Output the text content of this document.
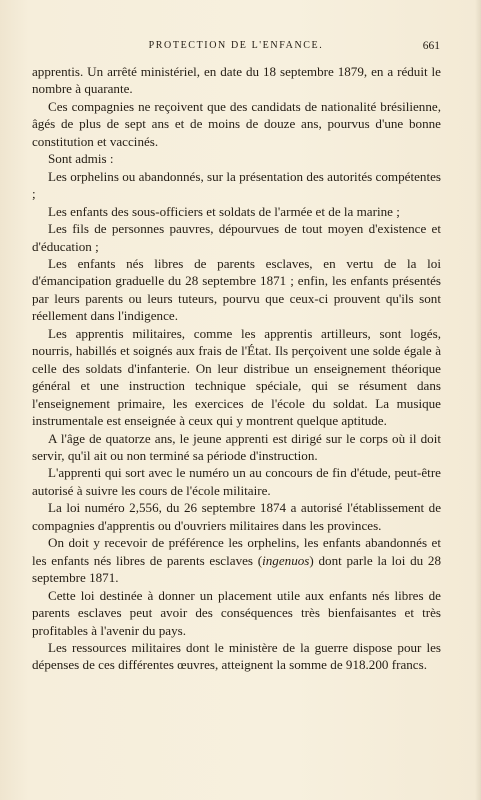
PROTECTION DE L'ENFANCE.	661

apprentis. Un arrêté ministériel, en date du 18 septembre 1879, en a réduit le nombre à quarante.

Ces compagnies ne reçoivent que des candidats de nationalité brésilienne, âgés de plus de sept ans et de moins de douze ans, pourvus d'une bonne constitution et vaccinés.

Sont admis :

Les orphelins ou abandonnés, sur la présentation des autorités compétentes ;

Les enfants des sous-officiers et soldats de l'armée et de la marine ;

Les fils de personnes pauvres, dépourvues de tout moyen d'existence et d'éducation ;

Les enfants nés libres de parents esclaves, en vertu de la loi d'émancipation graduelle du 28 septembre 1871 ; enfin, les enfants présentés par leurs parents ou leurs tuteurs, pourvu que ceux-ci prouvent qu'ils sont réellement dans l'indigence.

Les apprentis militaires, comme les apprentis artilleurs, sont logés, nourris, habillés et soignés aux frais de l'État. Ils perçoivent une solde égale à celle des soldats d'infanterie. On leur distribue un enseignement théorique général et une instruction technique spéciale, qui se résument dans l'enseignement primaire, les exercices de l'école du soldat. La musique instrumentale est enseignée à ceux qui y montrent quelque aptitude.

A l'âge de quatorze ans, le jeune apprenti est dirigé sur le corps où il doit servir, qu'il ait ou non terminé sa période d'instruction.

L'apprenti qui sort avec le numéro un au concours de fin d'étude, peut-être autorisé à suivre les cours de l'école militaire.

La loi numéro 2,556, du 26 septembre 1874 a autorisé l'établissement de compagnies d'apprentis ou d'ouvriers militaires dans les provinces.

On doit y recevoir de préférence les orphelins, les enfants abandonnés et les enfants nés libres de parents esclaves (ingenuos) dont parle la loi du 28 septembre 1871.

Cette loi destinée à donner un placement utile aux enfants nés libres de parents esclaves peut avoir des conséquences très bienfaisantes et très profitables à l'avenir du pays.

Les ressources militaires dont le ministère de la guerre dispose pour les dépenses de ces différentes œuvres, atteignent la somme de 918.200 francs.
